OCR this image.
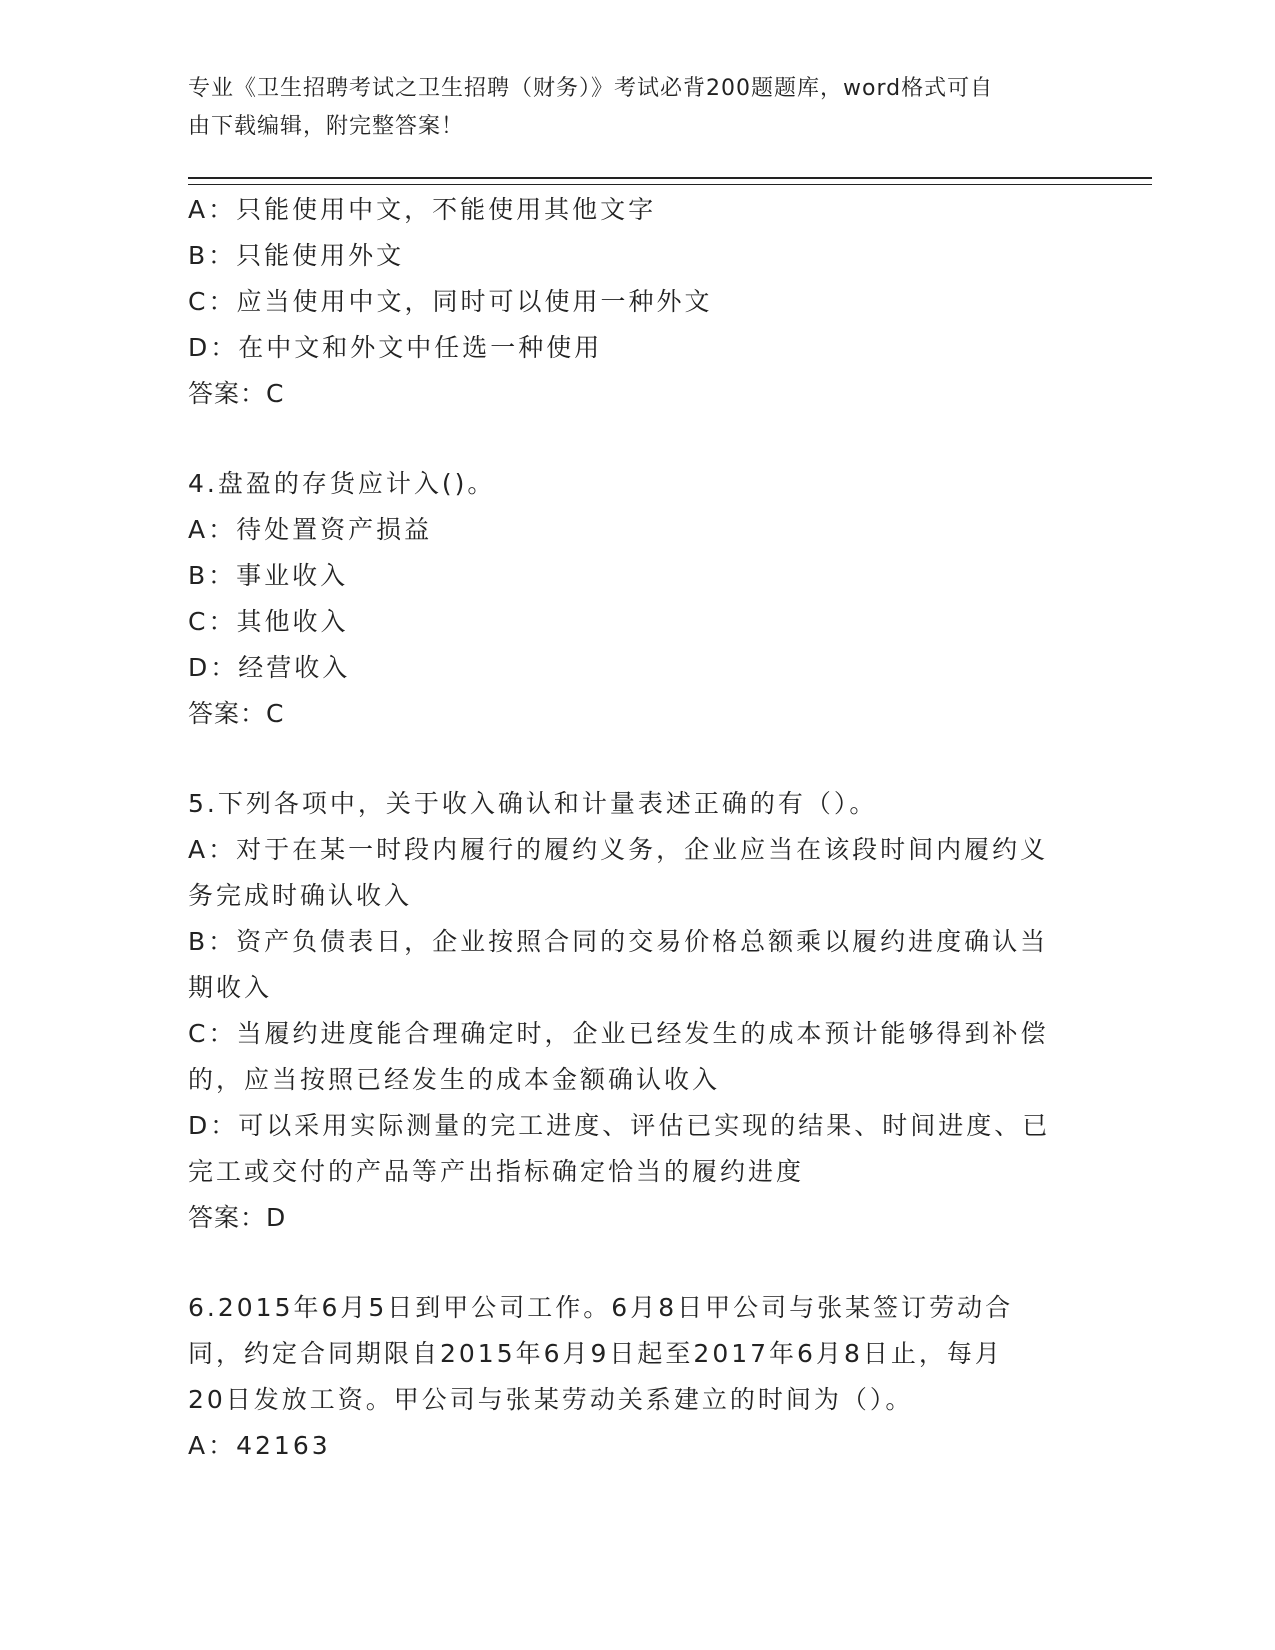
专业《卫生招聘考试之卫生招聘（财务）》考试必背200题题库，word格式可自
由下载编辑，附完整答案！
A：只能使用中文，不能使用其他文字
B：只能使用外文
C：应当使用中文，同时可以使用一种外文
D：在中文和外文中任选一种使用
答案：C
4.盘盈的存货应计入()。
A：待处置资产损益
B：事业收入
C：其他收入
D：经营收入
答案：C
5.下列各项中，关于收入确认和计量表述正确的有（）。
A：对于在某一时段内履行的履约义务，企业应当在该段时间内履约义
务完成时确认收入
B：资产负债表日，企业按照合同的交易价格总额乘以履约进度确认当
期收入
C：当履约进度能合理确定时，企业已经发生的成本预计能够得到补偿
的，应当按照已经发生的成本金额确认收入
D：可以采用实际测量的完工进度、评估已实现的结果、时间进度、已
完工或交付的产品等产出指标确定恰当的履约进度
答案：D
6.2015年6月5日到甲公司工作。6月8日甲公司与张某签订劳动合
同，约定合同期限自2015年6月9日起至2017年6月8日止，每月
20日发放工资。甲公司与张某劳动关系建立的时间为（）。
A：42163
